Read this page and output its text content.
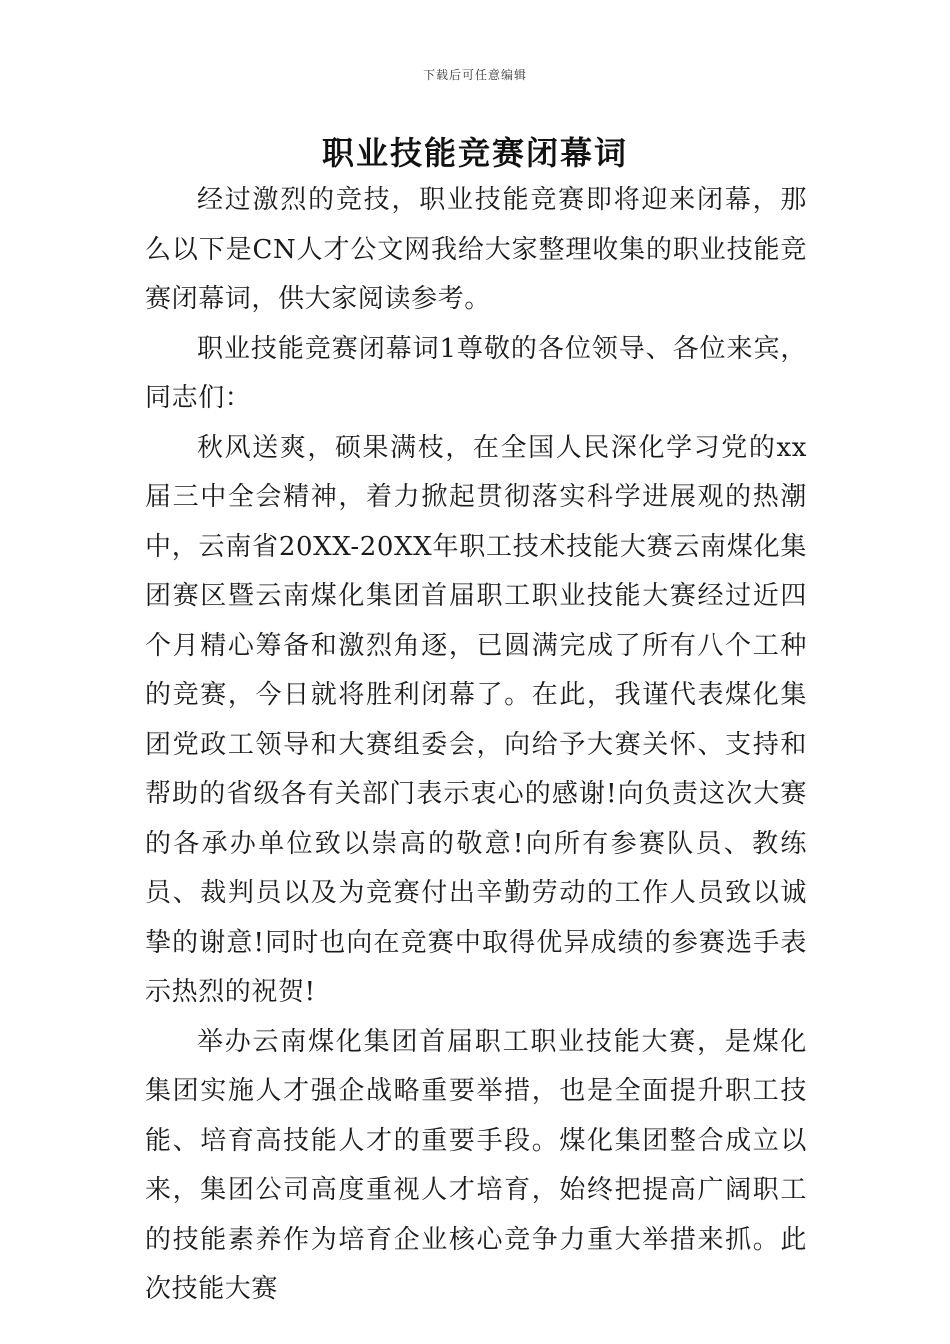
下载后可任意编辑
职业技能竞赛闭幕词

经过激烈的竞技，职业技能竞赛即将迎来闭幕，那么以下是CN人才公文网我给大家整理收集的职业技能竞赛闭幕词，供大家阅读参考。

职业技能竞赛闭幕词1尊敬的各位领导、各位来宾，同志们：

秋风送爽，硕果满枝，在全国人民深化学习党的xx届三中全会精神，着力掀起贯彻落实科学进展观的热潮中，云南省20XX-20XX年职工技术技能大赛云南煤化集团赛区暨云南煤化集团首届职工职业技能大赛经过近四个月精心筹备和激烈角逐，已圆满完成了所有八个工种的竞赛，今日就将胜利闭幕了。在此，我谨代表煤化集团党政工领导和大赛组委会，向给予大赛关怀、支持和帮助的省级各有关部门表示衷心的感谢!向负责这次大赛的各承办单位致以崇高的敬意!向所有参赛队员、教练员、裁判员以及为竞赛付出辛勤劳动的工作人员致以诚挚的谢意!同时也向在竞赛中取得优异成绩的参赛选手表示热烈的祝贺!

举办云南煤化集团首届职工职业技能大赛，是煤化集团实施人才强企战略重要举措，也是全面提升职工技能、培育高技能人才的重要手段。煤化集团整合成立以来，集团公司高度重视人才培育，始终把提高广阔职工的技能素养作为培育企业核心竞争力重大举措来抓。此次技能大赛
